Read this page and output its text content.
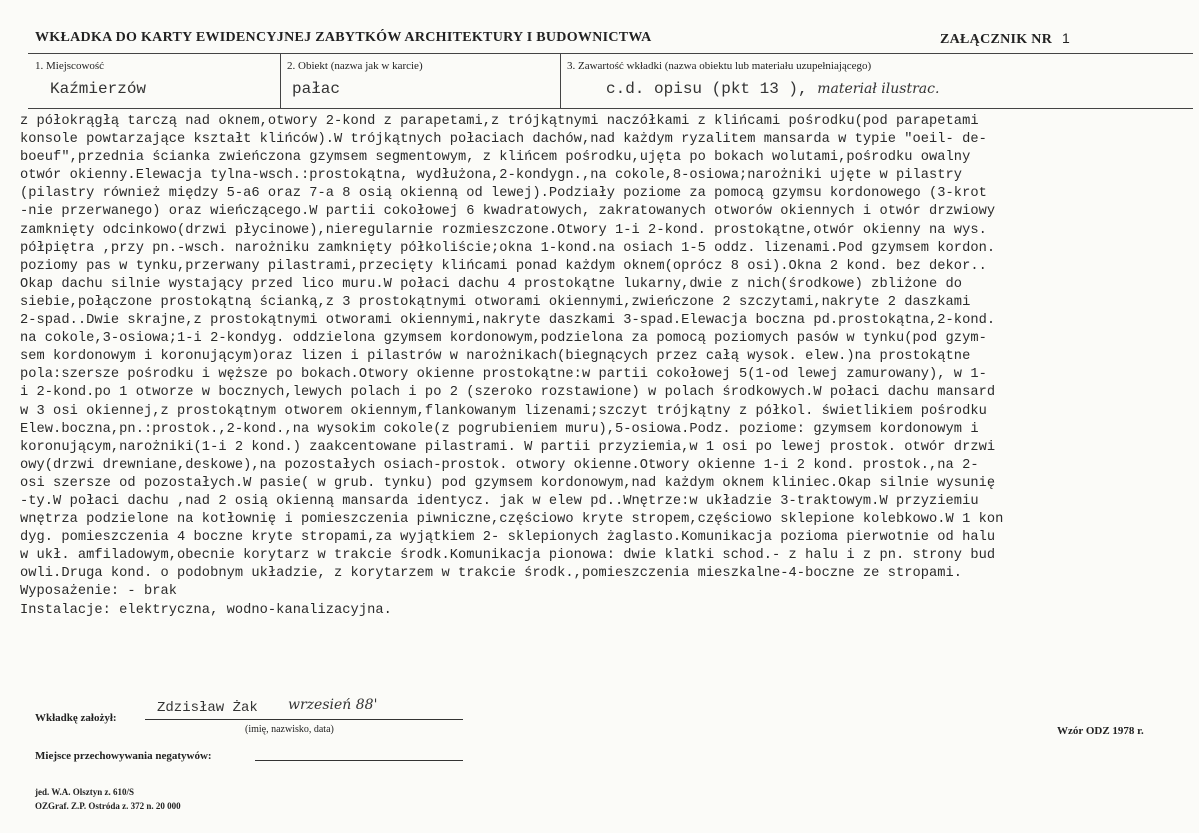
WKŁADKA DO KARTY EWIDENCYJNEJ ZABYTKÓW ARCHITEKTURY I BUDOWNICTWA	ZAŁĄCZNIK NR 1
1. Miejscowość
Kaźmierzów
2. Obiekt (nazwa jak w karcie)
pałac
3. Zawartość wkładki (nazwa obiektu lub materiału uzupełniającego)
c.d. opisu (pkt 13 ), materiał ilustrac.
z półokrągłą tarczą nad oknem,otwory 2-kond z parapetami,z trójkątnymi naczółkami z klińcami pośrodku(pod parapetami
konsole powtarzające kształt klińców).W trójkątnych połaciach dachów,nad każdym ryzalitem mansarda w typie "oeil- de-
boeuf",przednia ścianka zwieńczona gzymsem segmentowym, z klińcem pośrodku,ujęta po bokach wolutami,pośrodku owalny
otwór okienny.Elewacja tylna-wsch.:prostokątna, wydłużona,2-kondygn.,na cokole,8-osiowa;narożniki ujęte w pilastry
(pilastry również między 5-a6 oraz 7-a 8 osią okienną od lewej).Podziały poziome za pomocą gzymsu kordonowego (3-krot
-nie przerwanego) oraz wieńczącego.W partii cokołowej 6 kwadratowych, zakratowanych otworów okiennych i otwór drzwiowy
zamknięty odcinkowo(drzwi płycinowe),nieregularnie rozmieszczone.Otwory 1-i 2-kond. prostokątne,otwór okienny na wys.
półpiętra ,przy pn.-wsch. narożniku zamknięty półkoliście;okna 1-kond.na osiach 1-5 oddz. lizenami.Pod gzymsem kordon.
poziomy pas w tynku,przerwany pilastrami,przecięty klińcami ponad każdym oknem(oprócz 8 osi).Okna 2 kond. bez dekor..
Okap dachu silnie wystający przed lico muru.W połaci dachu 4 prostokątne lukarny,dwie z nich(środkowe) zbliżone do
siebie,połączone prostokątną ścianką,z 3 prostokątnymi otworami okiennymi,zwieńczone 2 szczytami,nakryte 2 daszkami
2-spad..Dwie skrajne,z prostokątnymi otworami okiennymi,nakryte daszkami 3-spad.Elewacja boczna pd.prostokątna,2-kond.
na cokole,3-osiowa;1-i 2-kondyg. oddzielona gzymsem kordonowym,podzielona za pomocą poziomych pasów w tynku(pod gzym-
sem kordonowym i koronującym)oraz lizen i pilastrów w narożnikach(biegnących przez całą wysok. elew.)na prostokątne
pola:szersze pośrodku i węższe po bokach.Otwory okienne prostokątne:w partii cokołowej 5(1-od lewej zamurowany), w 1-
i 2-kond.po 1 otworze w bocznych,lewych polach i po 2 (szeroko rozstawione) w polach środkowych.W połaci dachu mansard
w 3 osi okiennej,z prostokątnym otworem okiennym,flankowanym lizenami;szczyt trójkątny z półkol. świetlikiem pośrodku
Elew.boczna,pn.:prostok.,2-kond.,na wysokim cokole(z pogrubieniem muru),5-osiowa.Podz. poziome: gzymsem kordonowym i
koronującym,narożniki(1-i 2 kond.) zaakcentowane pilastrami. W partii przyziemia,w 1 osi po lewej prostok. otwór drzwi
owy(drzwi drewniane,deskowe),na pozostałych osiach-prostok. otwory okienne.Otwory okienne 1-i 2 kond. prostok.,na 2-
osi szersze od pozostałych.W pasie( w grub. tynku) pod gzymsem kordonowym,nad każdym oknem kliniec.Okap silnie wysunię
-ty.W połaci dachu ,nad 2 osią okienną mansarda identycz. jak w elew pd..Wnętrze:w układzie 3-traktowym.W przyziemiu
wnętrza podzielone na kotłownię i pomieszczenia piwniczne,częściowo kryte stropem,częściowo sklepione kolebkowo.W 1 kon
dyg. pomieszczenia 4 boczne kryte stropami,za wyjątkiem 2- sklepionych żaglasto.Komunikacja pozioma pierwotnie od halu
w ukł. amfiladowym,obecnie korytarz w trakcie środk.Komunikacja pionowa: dwie klatki schod.- z halu i z pn. strony bud
owli.Druga kond. o podobnym układzie, z korytarzem w trakcie środk.,pomieszczenia mieszkalne-4-boczne ze stropami.
Wyposażenie: - brak
Instalacje: elektryczna, wodno-kanalizacyjna.
Wkładkę założył:
Zdzisław Żak wrzesień 88'
(imię, nazwisko, data)	Wzór ODZ 1978 r.
Miejsce przechowywania negatywów:
jed. W.A. Olsztyn z. 610/S
OZGraf. Z.P. Ostróda z. 372 n. 20 000
